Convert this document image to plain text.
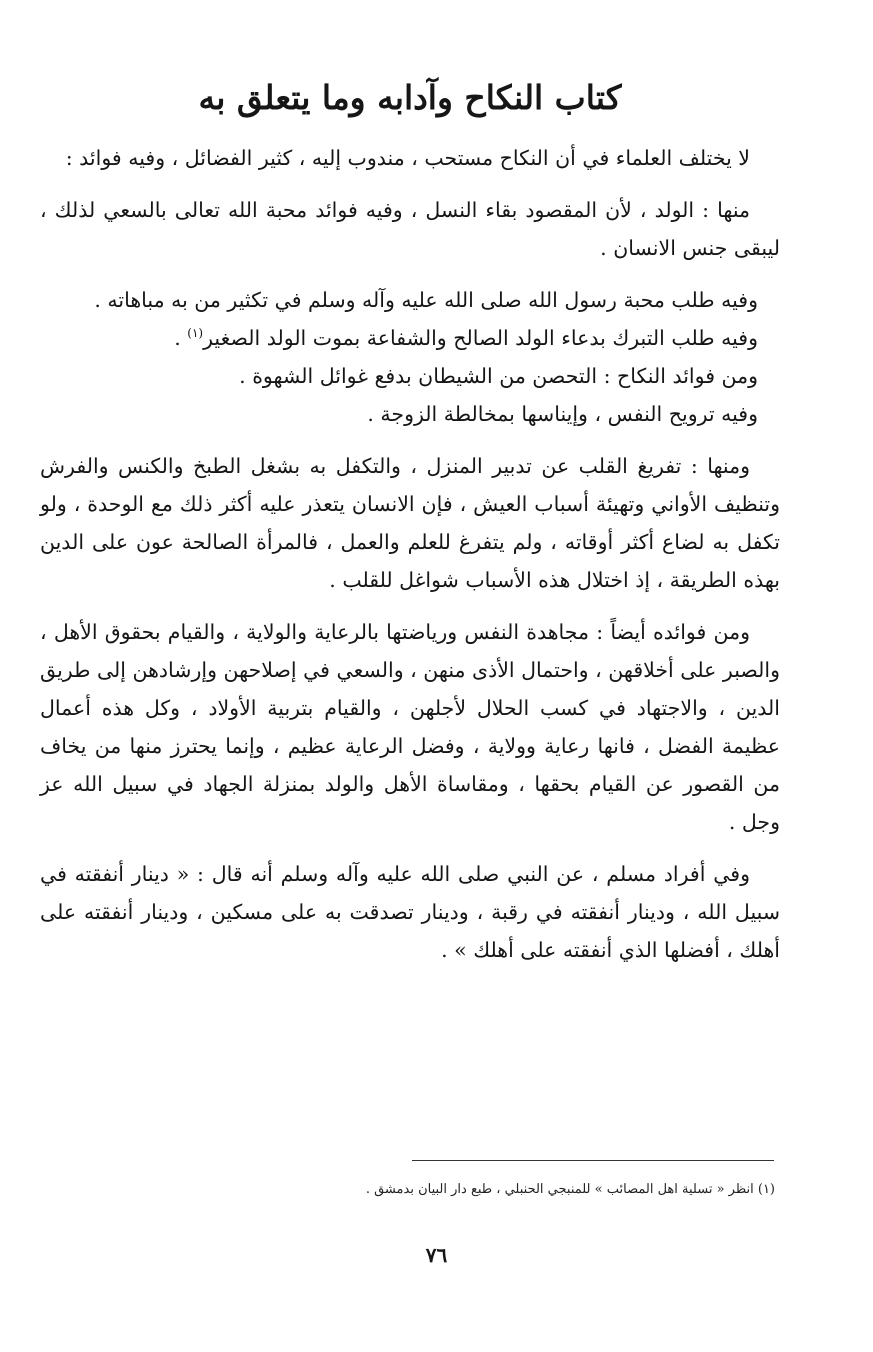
كتاب النكاح وآدابه وما يتعلق به

لا يختلف العلماء في أن النكاح مستحب ، مندوب إليه ، كثير الفضائل ، وفيه فوائد :

منها : الولد ، لأن المقصود بقاء النسل ، وفيه فوائد محبة الله تعالى بالسعي لذلك ، ليبقى جنس الانسان .

وفيه طلب محبة رسول الله صلى الله عليه وآله وسلم في تكثير من به مباهاته .

وفيه طلب التبرك بدعاء الولد الصالح والشفاعة بموت الولد الصغير$^{(١)}$ .

ومن فوائد النكاح : التحصن من الشيطان بدفع غوائل الشهوة .

وفيه ترويح النفس ، وإيناسها بمخالطة الزوجة .

ومنها : تفريغ القلب عن تدبير المنزل ، والتكفل به بشغل الطبخ والكنس والفرش وتنظيف الأواني وتهيئة أسباب العيش ، فإن الانسان يتعذر عليه أكثر ذلك مع الوحدة ، ولو تكفل به لضاع أكثر أوقاته ، ولم يتفرغ للعلم والعمل ، فالمرأة الصالحة عون على الدين بهذه الطريقة ، إذ اختلال هذه الأسباب شواغل للقلب .

ومن فوائده أيضاً : مجاهدة النفس ورياضتها بالرعاية والولاية ، والقيام بحقوق الأهل ، والصبر على أخلاقهن ، واحتمال الأذى منهن ، والسعي في إصلاحهن وإرشادهن إلى طريق الدين ، والاجتهاد في كسب الحلال لأجلهن ، والقيام بتربية الأولاد ، وكل هذه أعمال عظيمة الفضل ، فانها رعاية وولاية ، وفضل الرعاية عظيم ، وإنما يحترز منها من يخاف من القصور عن القيام بحقها ، ومقاساة الأهل والولد بمنزلة الجهاد في سبيل الله عز وجل .

وفي أفراد مسلم ، عن النبي صلى الله عليه وآله وسلم أنه قال : « دينار أنفقته في سبيل الله ، ودينار أنفقته في رقبة ، ودينار تصدقت به على مسكين ، ودينار أنفقته على أهلك ، أفضلها الذي أنفقته على أهلك » .

(١) انظر « تسلية اهل المصائب » للمنبجي الحنبلي ، طبع دار البيان بدمشق .
٧٦
